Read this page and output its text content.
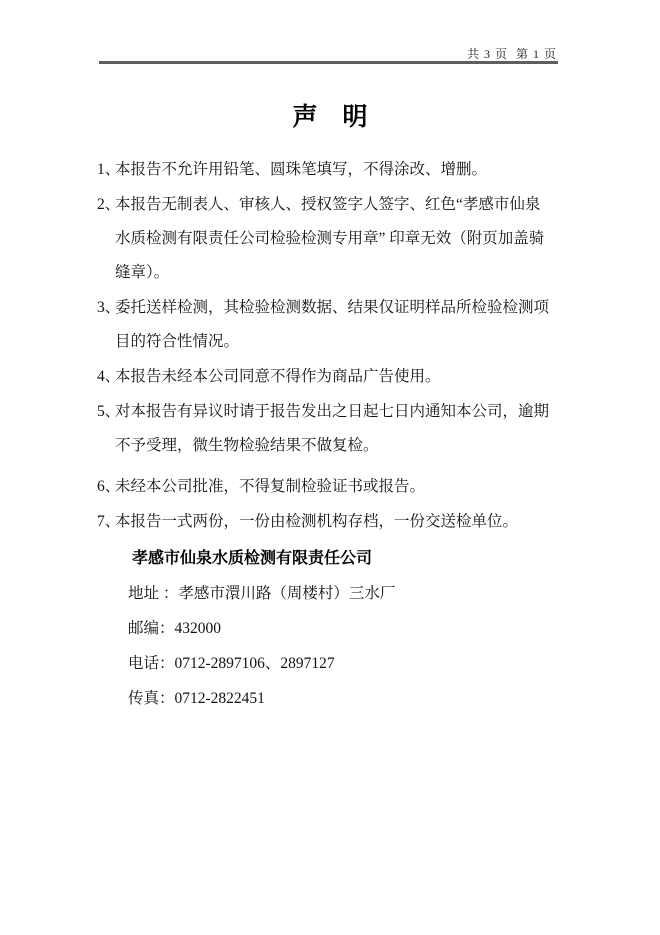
共 3 页  第 1 页
声　明
1、本报告不允许用铅笔、圆珠笔填写，不得涂改、增删。
2、本报告无制表人、审核人、授权签字人签字、红色“孝感市仙泉
水质检测有限责任公司检验检测专用章” 印章无效（附页加盖骑
缝章）。
3、委托送样检测，其检验检测数据、结果仅证明样品所检验检测项
目的符合性情况。
4、本报告未经本公司同意不得作为商品广告使用。
5、对本报告有异议时请于报告发出之日起七日内通知本公司，逾期
不予受理，微生物检验结果不做复检。
6、未经本公司批准，不得复制检验证书或报告。
7、本报告一式两份，一份由检测机构存档，一份交送检单位。
孝感市仙泉水质检测有限责任公司
地址 ：孝感市澴川路（周楼村）三水厂
邮编：432000
电话：0712-2897106、2897127
传真：0712-2822451
